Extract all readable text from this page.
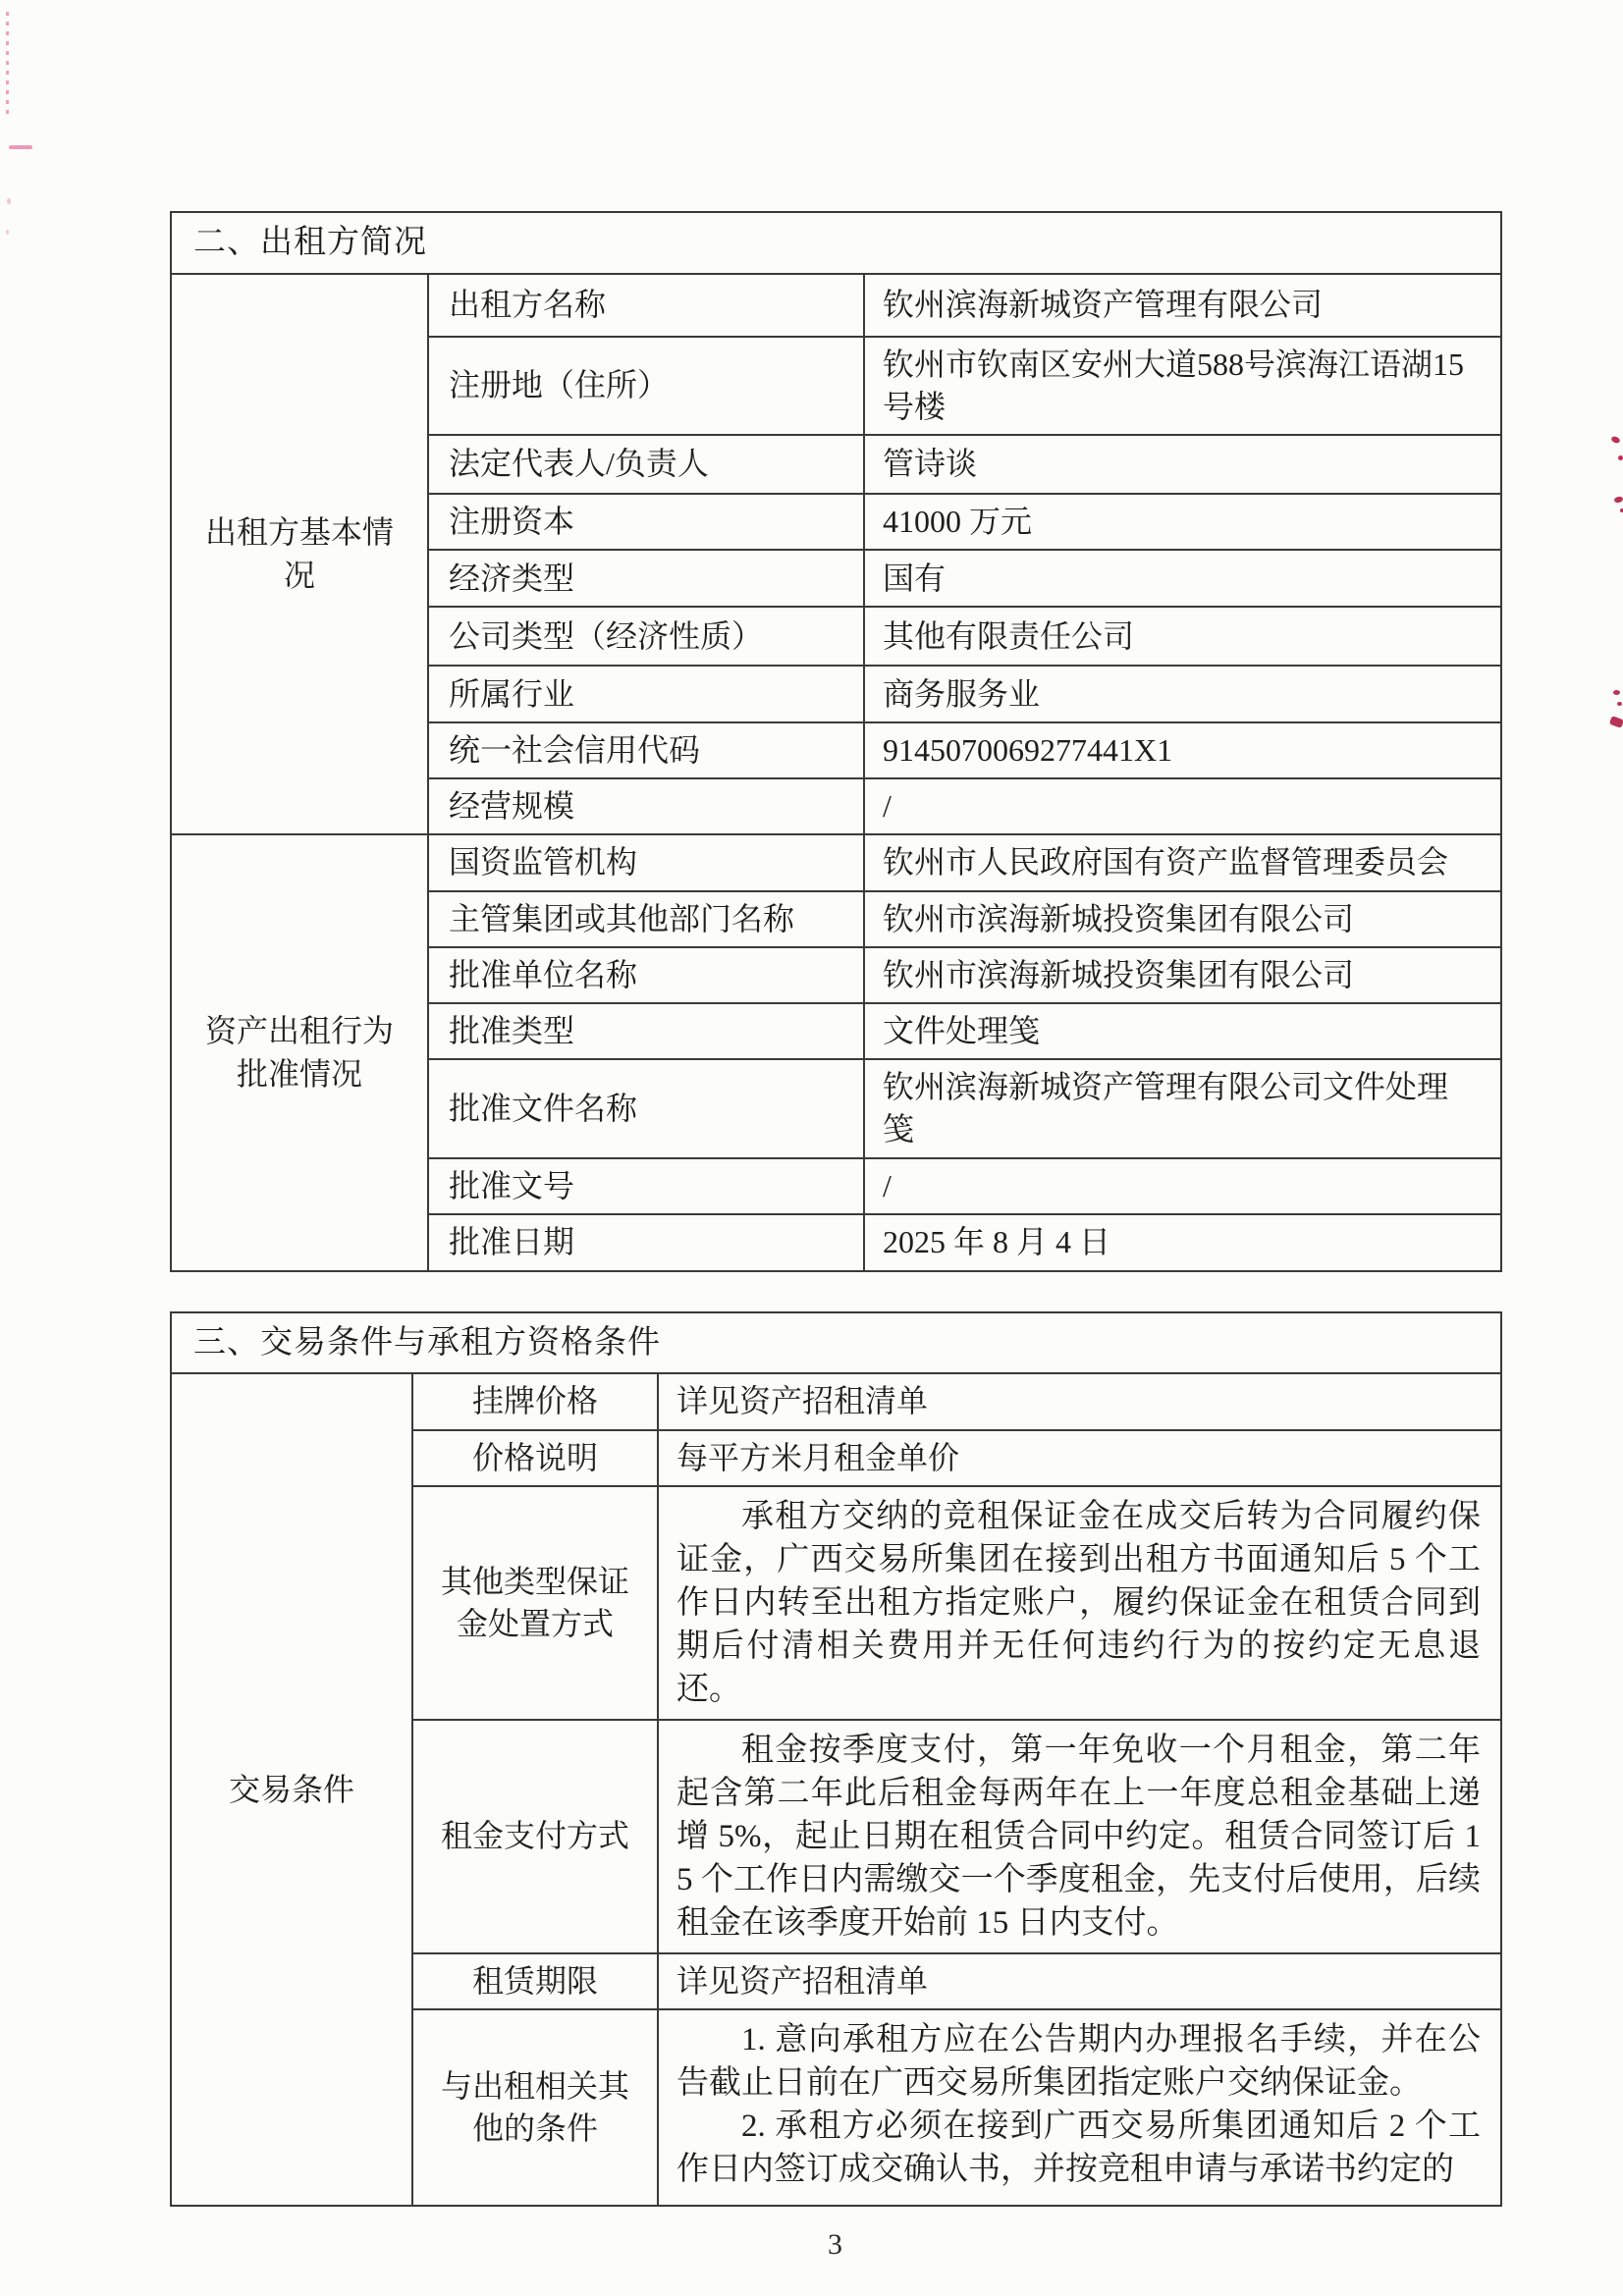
二、出租方简况		
出租方基本情况	出租方名称	钦州滨海新城资产管理有限公司
	注册地（住所）	钦州市钦南区安州大道588号滨海江语湖15号楼
	法定代表人/负责人	管诗谈
	注册资本	41000 万元
	经济类型	国有
	公司类型（经济性质）	其他有限责任公司
	所属行业	商务服务业
	统一社会信用代码	9145070069277441X1
	经营规模	/
资产出租行为批准情况	国资监管机构	钦州市人民政府国有资产监督管理委员会
	主管集团或其他部门名称	钦州市滨海新城投资集团有限公司
	批准单位名称	钦州市滨海新城投资集团有限公司
	批准类型	文件处理笺
	批准文件名称	钦州滨海新城资产管理有限公司文件处理笺
	批准文号	/
	批准日期	2025 年 8 月 4 日
三、交易条件与承租方资格条件		
交易条件	挂牌价格	详见资产招租清单
	价格说明	每平方米月租金单价
	其他类型保证金处置方式	承租方交纳的竞租保证金在成交后转为合同履约保证金，广西交易所集团在接到出租方书面通知后 5 个工作日内转至出租方指定账户，履约保证金在租赁合同到期后付清相关费用并无任何违约行为的按约定无息退还。

	租金支付方式	租金按季度支付，第一年免收一个月租金，第二年起含第二年此后租金每两年在上一年度总租金基础上递增 5%，起止日期在租赁合同中约定。租赁合同签订后 15 个工作日内需缴交一个季度租金，先支付后使用，后续租金在该季度开始前 15 日内支付。

	租赁期限	详见资产招租清单
	与出租相关其他的条件	1. 意向承租方应在公告期内办理报名手续，并在公告截止日前在广西交易所集团指定账户交纳保证金。

2. 承租方必须在接到广西交易所集团通知后 2 个工作日内签订成交确认书，并按竞租申请与承诺书约定的

3
